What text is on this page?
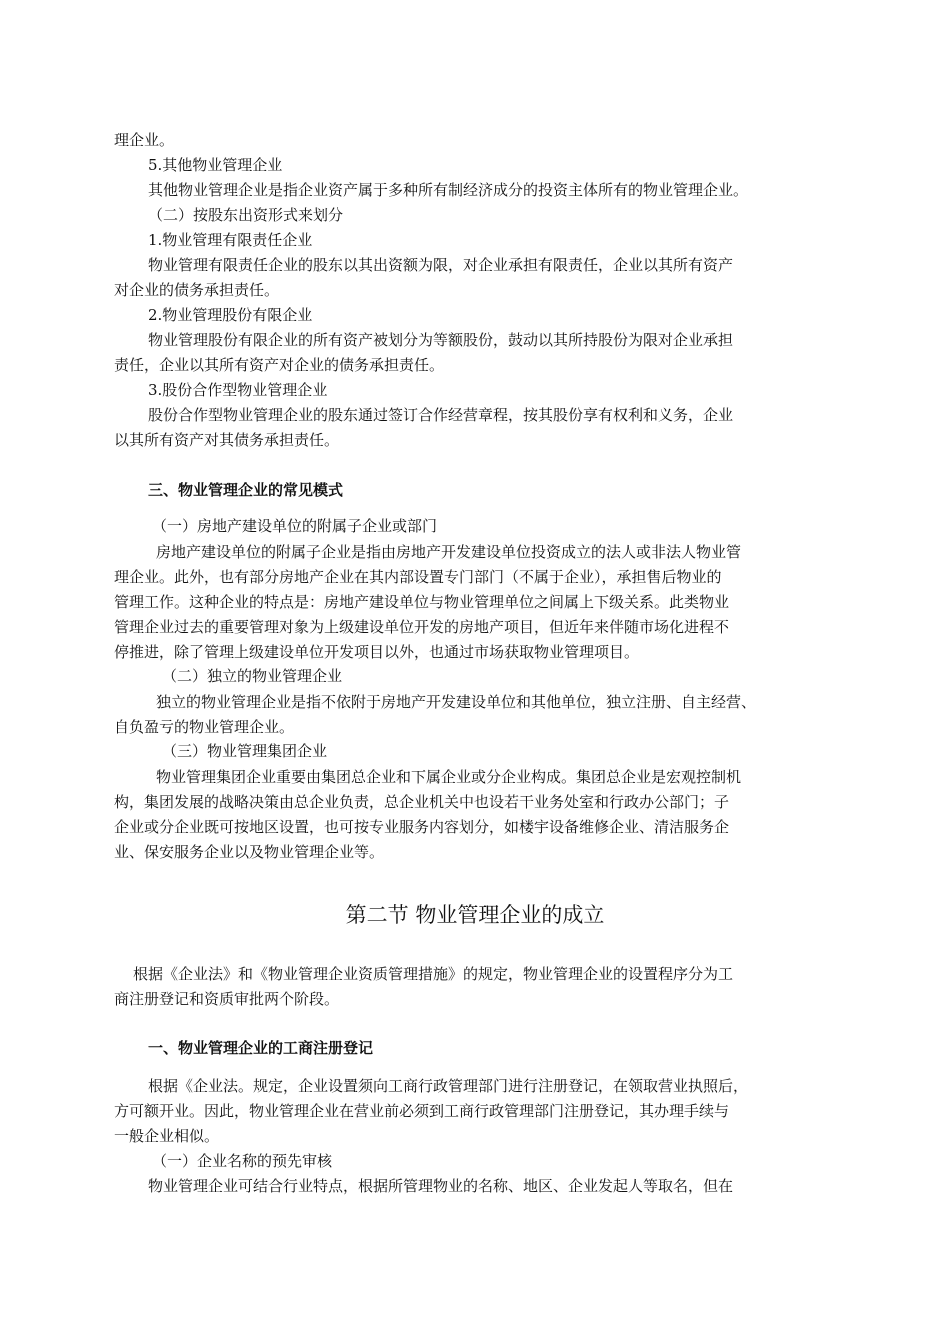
理企业。
5.其他物业管理企业
其他物业管理企业是指企业资产属于多种所有制经济成分的投资主体所有的物业管理企业。
（二）按股东出资形式来划分
1.物业管理有限责任企业
物业管理有限责任企业的股东以其出资额为限，对企业承担有限责任，企业以其所有资产
对企业的债务承担责任。
2.物业管理股份有限企业
物业管理股份有限企业的所有资产被划分为等额股份，鼓动以其所持股份为限对企业承担
责任，企业以其所有资产对企业的债务承担责任。
3.股份合作型物业管理企业
股份合作型物业管理企业的股东通过签订合作经营章程，按其股份享有权利和义务，企业
以其所有资产对其债务承担责任。
三、物业管理企业的常见模式
（一）房地产建设单位的附属子企业或部门
房地产建设单位的附属子企业是指由房地产开发建设单位投资成立的法人或非法人物业管
理企业。此外，也有部分房地产企业在其内部设置专门部门（不属于企业），承担售后物业的
管理工作。这种企业的特点是：房地产建设单位与物业管理单位之间属上下级关系。此类物业
管理企业过去的重要管理对象为上级建设单位开发的房地产项目，但近年来伴随市场化进程不
停推进，除了管理上级建设单位开发项目以外，也通过市场获取物业管理项目。
（二）独立的物业管理企业
独立的物业管理企业是指不依附于房地产开发建设单位和其他单位，独立注册、自主经营、
自负盈亏的物业管理企业。
（三）物业管理集团企业
物业管理集团企业重要由集团总企业和下属企业或分企业构成。集团总企业是宏观控制机
构，集团发展的战略决策由总企业负责，总企业机关中也设若干业务处室和行政办公部门；子
企业或分企业既可按地区设置，也可按专业服务内容划分，如楼宇设备维修企业、清洁服务企
业、保安服务企业以及物业管理企业等。
第二节 物业管理企业的成立
根据《企业法》和《物业管理企业资质管理措施》的规定，物业管理企业的设置程序分为工
商注册登记和资质审批两个阶段。
一、物业管理企业的工商注册登记
根据《企业法。规定，企业设置须向工商行政管理部门进行注册登记，在领取营业执照后，
方可额开业。因此，物业管理企业在营业前必须到工商行政管理部门注册登记，其办理手续与
一般企业相似。
（一）企业名称的预先审核
物业管理企业可结合行业特点，根据所管理物业的名称、地区、企业发起人等取名，但在
